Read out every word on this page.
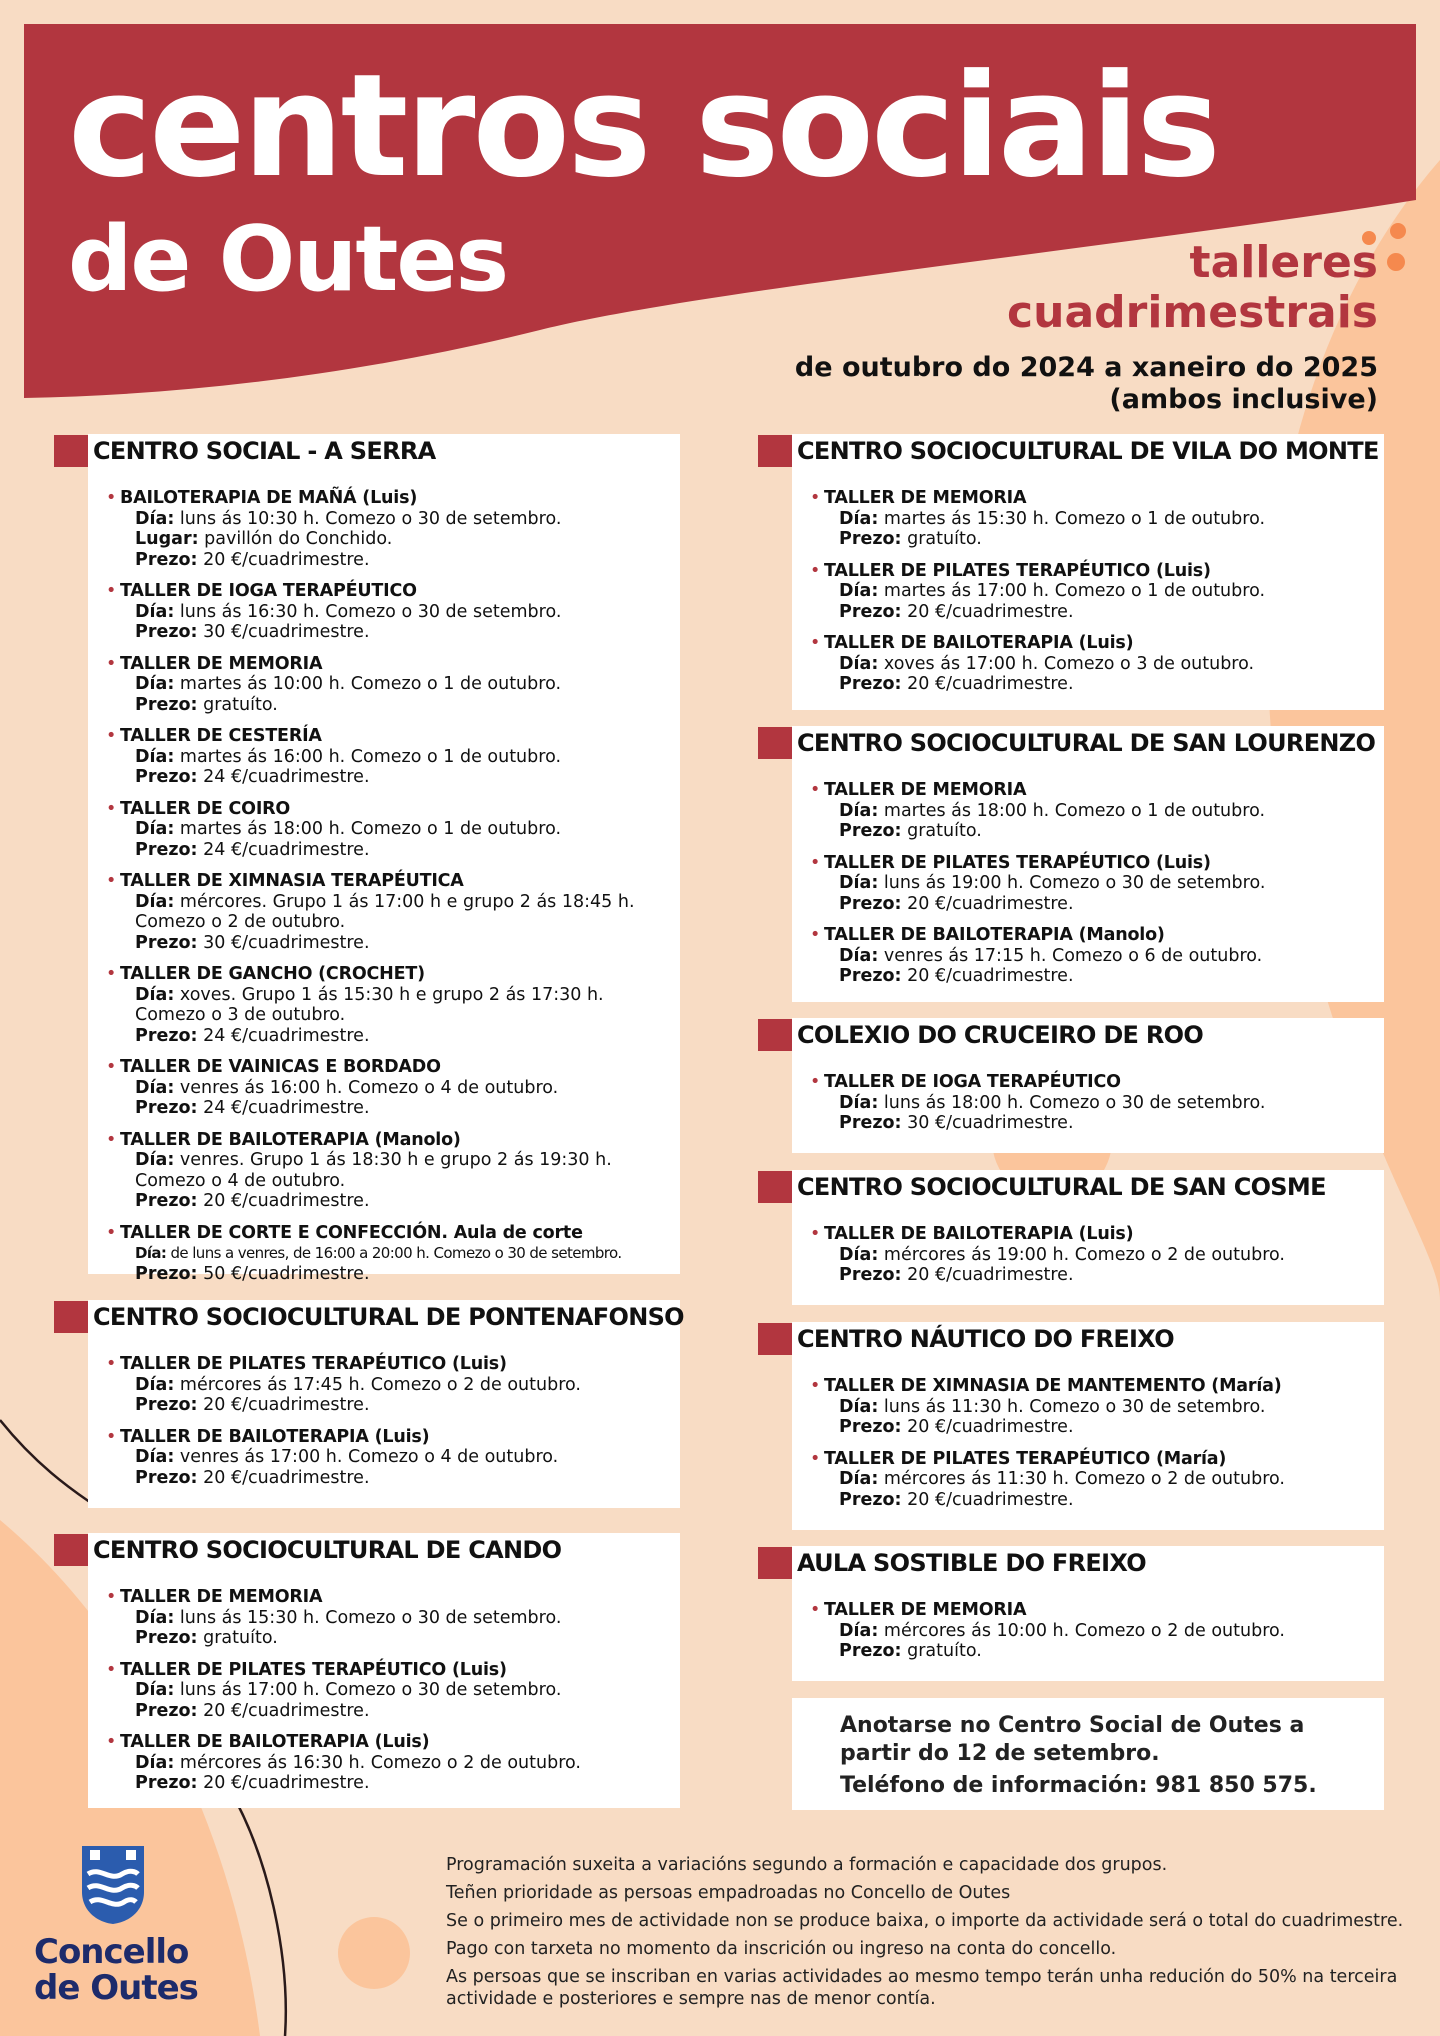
centros sociais
de Outes	talleres
cuadrimestrais
de outubro do 2024 a xaneiro do 2025
(ambos inclusive)
• BAILOTERAPIA DE MAÑÁ (Luis)
Día: luns ás 10:30 h. Comezo o 30 de setembro.
Lugar: pavillón do Conchido.
Prezo: 20 €/cuadrimestre.
• TALLER DE IOGA TERAPÉUTICO
Día: luns ás 16:30 h. Comezo o 30 de setembro.
Prezo: 30 €/cuadrimestre.
• TALLER DE MEMORIA
Día: martes ás 10:00 h. Comezo o 1 de outubro.
Prezo: gratuíto.
• TALLER DE CESTERÍA
Día: martes ás 16:00 h. Comezo o 1 de outubro.
Prezo: 24 €/cuadrimestre.
• TALLER DE COIRO
Día: martes ás 18:00 h. Comezo o 1 de outubro.
Prezo: 24 €/cuadrimestre.
• TALLER DE XIMNASIA TERAPÉUTICA
Día: mércores. Grupo 1 ás 17:00 h e grupo 2 ás 18:45 h.
Comezo o 2 de outubro.
Prezo: 30 €/cuadrimestre.
• TALLER DE GANCHO (CROCHET)
Día: xoves. Grupo 1 ás 15:30 h e grupo 2 ás 17:30 h.
Comezo o 3 de outubro.
Prezo: 24 €/cuadrimestre.
• TALLER DE VAINICAS E BORDADO
Día: venres ás 16:00 h. Comezo o 4 de outubro.
Prezo: 24 €/cuadrimestre.
• TALLER DE BAILOTERAPIA (Manolo)
Día: venres. Grupo 1 ás 18:30 h e grupo 2 ás 19:30 h.
Comezo o 4 de outubro.
Prezo: 20 €/cuadrimestre.
• TALLER DE CORTE E CONFECCIÓN. Aula de corte
Día: de luns a venres, de 16:00 a 20:00 h. Comezo o 30 de setembro.
Prezo: 50 €/cuadrimestre.
CENTRO SOCIAL - A SERRA
• TALLER DE PILATES TERAPÉUTICO (Luis)
Día: mércores ás 17:45 h. Comezo o 2 de outubro.
Prezo: 20 €/cuadrimestre.
• TALLER DE BAILOTERAPIA (Luis)
Día: venres ás 17:00 h. Comezo o 4 de outubro.
Prezo: 20 €/cuadrimestre.
CENTRO SOCIOCULTURAL DE PONTENAFONSO
• TALLER DE MEMORIA
Día: luns ás 15:30 h. Comezo o 30 de setembro.
Prezo: gratuíto.
• TALLER DE PILATES TERAPÉUTICO (Luis)
Día: luns ás 17:00 h. Comezo o 30 de setembro.
Prezo: 20 €/cuadrimestre.
• TALLER DE BAILOTERAPIA (Luis)
Día: mércores ás 16:30 h. Comezo o 2 de outubro.
Prezo: 20 €/cuadrimestre.
CENTRO SOCIOCULTURAL DE CANDO
• TALLER DE MEMORIA
Día: martes ás 15:30 h. Comezo o 1 de outubro.
Prezo: gratuíto.
• TALLER DE PILATES TERAPÉUTICO (Luis)
Día: martes ás 17:00 h. Comezo o 1 de outubro.
Prezo: 20 €/cuadrimestre.
• TALLER DE BAILOTERAPIA (Luis)
Día: xoves ás 17:00 h. Comezo o 3 de outubro.
Prezo: 20 €/cuadrimestre.
CENTRO SOCIOCULTURAL DE VILA DO MONTE
• TALLER DE MEMORIA
Día: martes ás 18:00 h. Comezo o 1 de outubro.
Prezo: gratuíto.
• TALLER DE PILATES TERAPÉUTICO (Luis)
Día: luns ás 19:00 h. Comezo o 30 de setembro.
Prezo: 20 €/cuadrimestre.
• TALLER DE BAILOTERAPIA (Manolo)
Día: venres ás 17:15 h. Comezo o 6 de outubro.
Prezo: 20 €/cuadrimestre.
CENTRO SOCIOCULTURAL DE SAN LOURENZO
• TALLER DE IOGA TERAPÉUTICO
Día: luns ás 18:00 h. Comezo o 30 de setembro.
Prezo: 30 €/cuadrimestre.
COLEXIO DO CRUCEIRO DE ROO
• TALLER DE BAILOTERAPIA (Luis)
Día: mércores ás 19:00 h. Comezo o 2 de outubro.
Prezo: 20 €/cuadrimestre.
CENTRO SOCIOCULTURAL DE SAN COSME
• TALLER DE XIMNASIA DE MANTEMENTO (María)
Día: luns ás 11:30 h. Comezo o 30 de setembro.
Prezo: 20 €/cuadrimestre.
• TALLER DE PILATES TERAPÉUTICO (María)
Día: mércores ás 11:30 h. Comezo o 2 de outubro.
Prezo: 20 €/cuadrimestre.
CENTRO NÁUTICO DO FREIXO
• TALLER DE MEMORIA
Día: mércores ás 10:00 h. Comezo o 2 de outubro.
Prezo: gratuíto.
AULA SOSTIBLE DO FREIXO

Anotarse no Centro Social de Outes a

partir do 12 de setembro.

Teléfono de información: 981 850 575.

Programación suxeita a variacións segundo a formación e capacidade dos grupos.
Teñen prioridade as persoas empadroadas no Concello de Outes
Se o primeiro mes de actividade non se produce baixa, o importe da actividade será o total do cuadrimestre.
Pago con tarxeta no momento da inscrición ou ingreso na conta do concello.
As persoas que se inscriban en varias actividades ao mesmo tempo terán unha redución do 50% na terceira actividade e posteriores e sempre nas de menor contía.
Concello
de Outes
